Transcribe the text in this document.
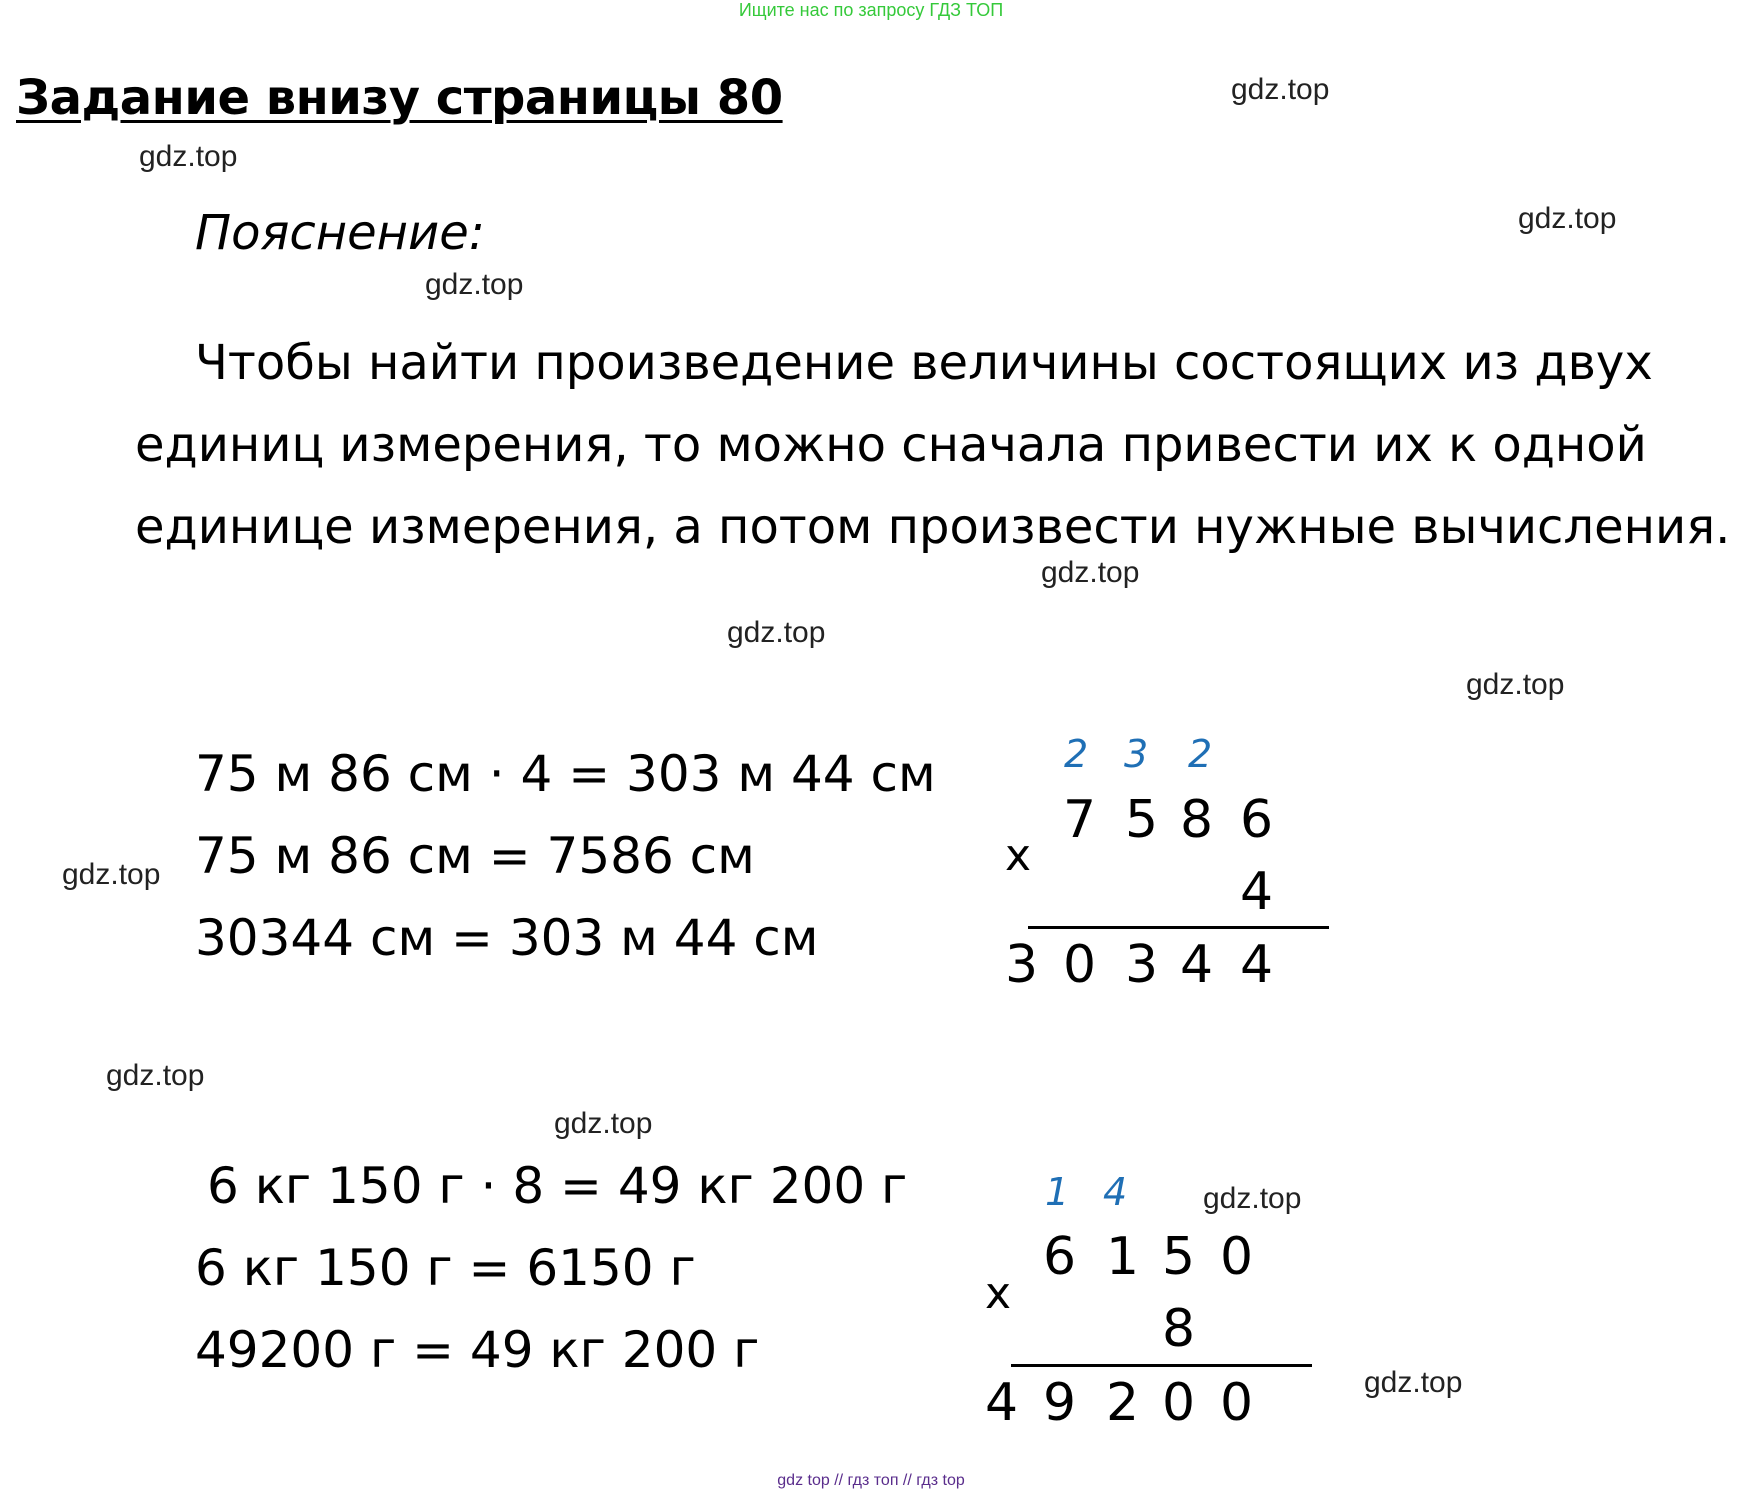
Ищите нас по запросу ГДЗ ТОП
Задание внизу страницы 80	gdz.top
gdz.top
gdz.top
gdz.top
gdz.top
gdz.top
gdz.top
gdz.top
gdz.top
gdz.top
gdz.top
gdz.top
Пояснение:
Чтобы найти произведение величины состоящих из двух
единиц измерения, то можно сначала привести их к одной
единице измерения, а потом произвести нужные вычисления.
75 м 86 см · 4 = 303 м 44 см
75 м 86 см = 7586 см
30344 см = 303 м 44 см
2 3 2
7 5 8 6
x
4
3 0 3 4 4
6 кг 150 г · 8 = 49 кг 200 г
6 кг 150 г = 6150 г
49200 г = 49 кг 200 г
1 4
6 1 5 0
x
8
4 9 2 0 0
gdz top // гдз топ // гдз top
